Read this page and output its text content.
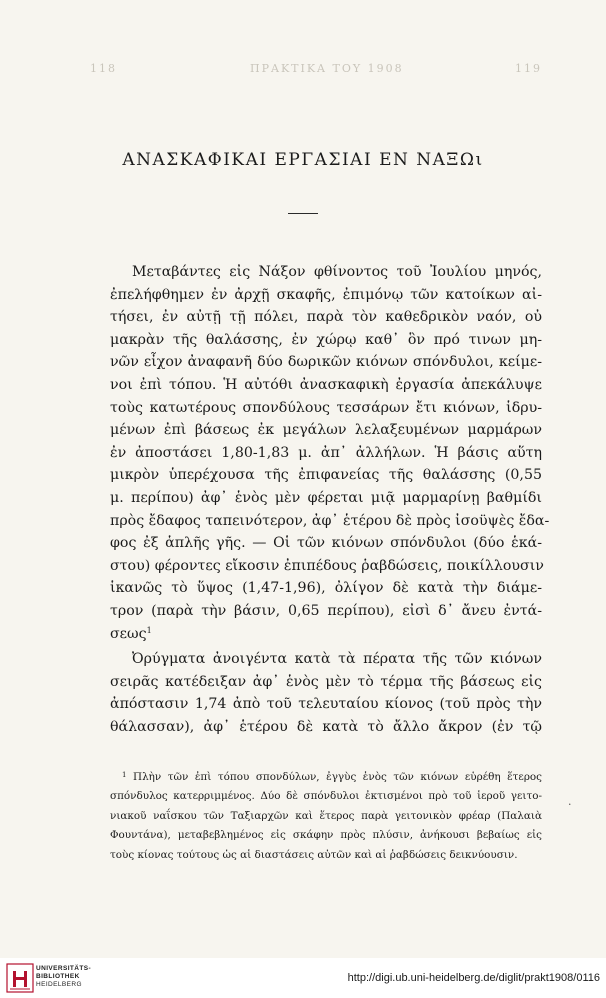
118	ΠΡΑΚΤΙΚΑ ΤΟΥ 1908	119
ΑΝΑΣΚΑΦΙΚΑΙ ΕΡΓΑΣΙΑΙ ΕΝ ΝΑΞΩι
Μεταβάντες εἰς Νάξον φθίνοντος τοῦ Ἰουλίου μηνός,
ἐπελήφθημεν ἐν ἀρχῇ σκαφῆς, ἐπιμόνῳ τῶν κατοίκων αἰ-
τήσει, ἐν αὐτῇ τῇ πόλει, παρὰ τὸν καθεδρικὸν ναόν, οὐ
μακρὰν τῆς θαλάσσης, ἐν χώρῳ καθ᾽ ὃν πρό τινων μη-
νῶν εἶχον ἀναφανῆ δύο δωρικῶν κιόνων σπόνδυλοι, κείμε-
νοι ἐπὶ τόπου. Ἡ αὐτόθι ἀνασκαφικὴ ἐργασία ἀπεκάλυψε
τοὺς κατωτέρους σπονδύλους τεσσάρων ἔτι κιόνων, ἱδρυ-
μένων ἐπὶ βάσεως ἐκ μεγάλων λελαξευμένων μαρμάρων
ἐν ἀποστάσει 1,80-1,83 μ. ἀπ᾽ ἀλλήλων. Ἡ βάσις αὕτη
μικρὸν ὑπερέχουσα τῆς ἐπιφανείας τῆς θαλάσσης (0,55
μ. περίπου) ἀφ᾽ ἑνὸς μὲν φέρεται μιᾷ μαρμαρίνῃ βαθμίδι
πρὸς ἔδαφος ταπεινότερον, ἀφ᾽ ἑτέρου δὲ πρὸς ἰσοϋψὲς ἔδα-
φος ἐξ ἁπλῆς γῆς. — Οἱ τῶν κιόνων σπόνδυλοι (δύο ἑκά-
στου) φέροντες εἴκοσιν ἐπιπέδους ῥαβδώσεις, ποικίλλουσιν
ἱκανῶς τὸ ὕψος (1,47-1,96), ὀλίγον δὲ κατὰ τὴν διάμε-
τρον (παρὰ τὴν βάσιν, 0,65 περίπου), εἰσὶ δ᾽ ἄνευ ἐντά-
σεως$^1$
Ὀρύγματα ἀνοιγέντα κατὰ τὰ πέρατα τῆς τῶν κιόνων
σειρᾶς κατέδειξαν ἀφ᾽ ἑνὸς μὲν τὸ τέρμα τῆς βάσεως εἰς
ἀπόστασιν 1,74 ἀπὸ τοῦ τελευταίου κίονος (τοῦ πρὸς τὴν
θάλασσαν), ἀφ᾽ ἑτέρου δὲ κατὰ τὸ ἄλλο ἄκρον (ἐν τῷ
$^1$ Πλὴν τῶν ἐπὶ τόπου σπονδύλων, ἐγγὺς ἑνὸς τῶν κιόνων εὑρέθη ἕτερος
σπόνδυλος κατερριμμένος. Δύο δὲ σπόνδυλοι ἐκτισμένοι πρὸ τοῦ ἱεροῦ γειτο-
νιακοῦ ναΐσκου τῶν Ταξιαρχῶν καὶ ἕτερος παρὰ γειτονικὸν φρέαρ (Παλαιὰ
Φουντάνα), μεταβεβλημένος εἰς σκάφην πρὸς πλύσιν, ἀνήκουσι βεβαίως εἰς
τοὺς κίονας τούτους ὡς αἱ διαστάσεις αὐτῶν καὶ αἱ ῥαβδώσεις δεικνύουσιν.
·
UNIVERSITÄTS-
BIBLIOTHEK
HEIDELBERG
http://digi.ub.uni-heidelberg.de/diglit/prakt1908/0116
